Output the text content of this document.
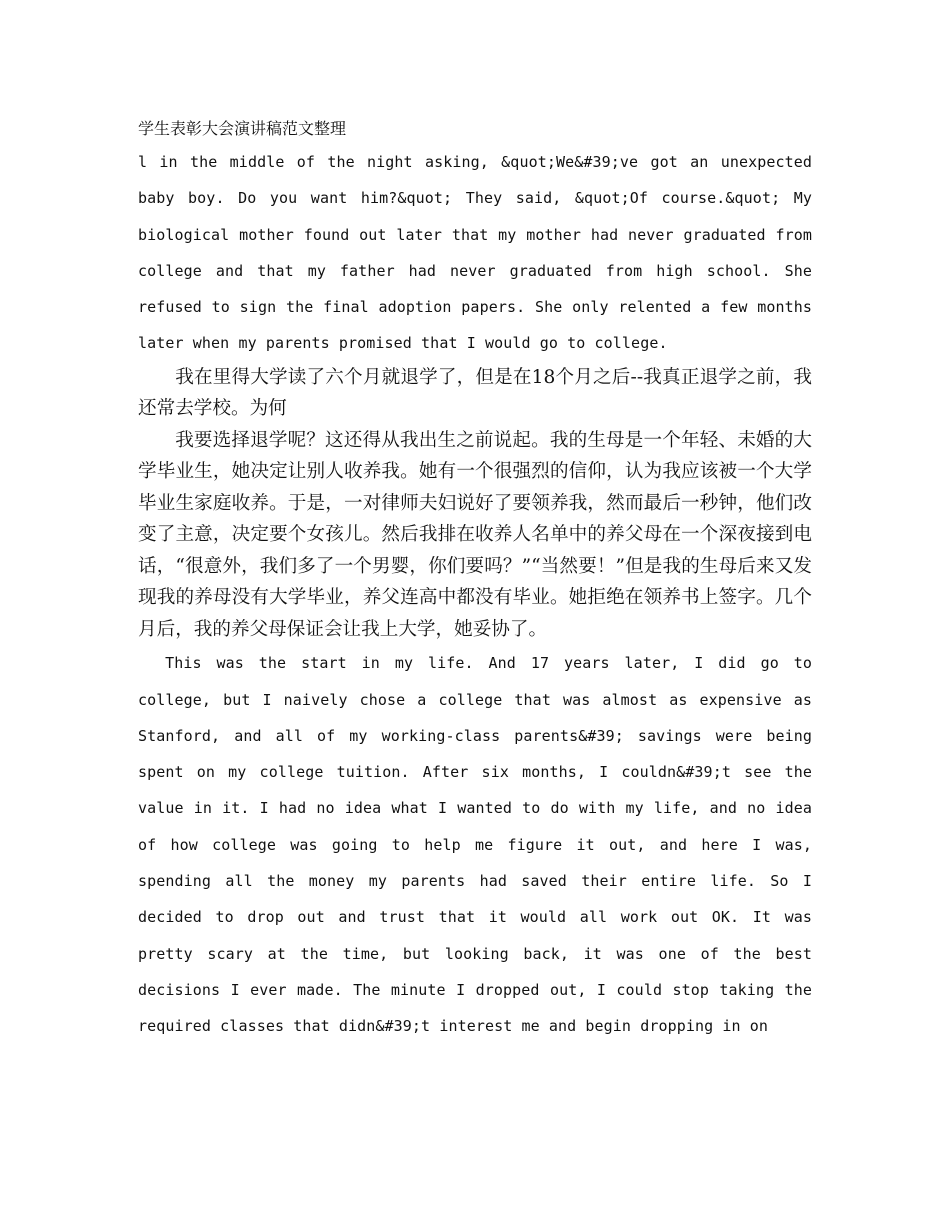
学生表彰大会演讲稿范文整理

l in the middle of the night asking, &quot;We&#39;ve got an unexpected baby boy. Do you want him?&quot; They said, &quot;Of course.&quot; My biological mother found out later that my mother had never graduated from college and that my father had never graduated from high school. She refused to sign the final adoption papers. She only relented a few months later when my parents promised that I would go to college.

我在里得大学读了六个月就退学了，但是在18个月之后--我真正退学之前，我还常去学校。为何

我要选择退学呢？这还得从我出生之前说起。我的生母是一个年轻、未婚的大学毕业生，她决定让别人收养我。她有一个很强烈的信仰，认为我应该被一个大学毕业生家庭收养。于是，一对律师夫妇说好了要领养我，然而最后一秒钟，他们改变了主意，决定要个女孩儿。然后我排在收养人名单中的养父母在一个深夜接到电话，“很意外，我们多了一个男婴，你们要吗？”“当然要！”但是我的生母后来又发现我的养母没有大学毕业，养父连高中都没有毕业。她拒绝在领养书上签字。几个月后，我的养父母保证会让我上大学，她妥协了。

This was the start in my life. And 17 years later, I did go to college, but I naively chose a college that was almost as expensive as Stanford, and all of my working-class parents&#39; savings were being spent on my college tuition. After six months, I couldn&#39;t see the value in it. I had no idea what I wanted to do with my life, and no idea of how college was going to help me figure it out, and here I was, spending all the money my parents had saved their entire life. So I decided to drop out and trust that it would all work out OK. It was pretty scary at the time, but looking back, it was one of the best decisions I ever made. The minute I dropped out, I could stop taking the required classes that didn&#39;t interest me and begin dropping in on
